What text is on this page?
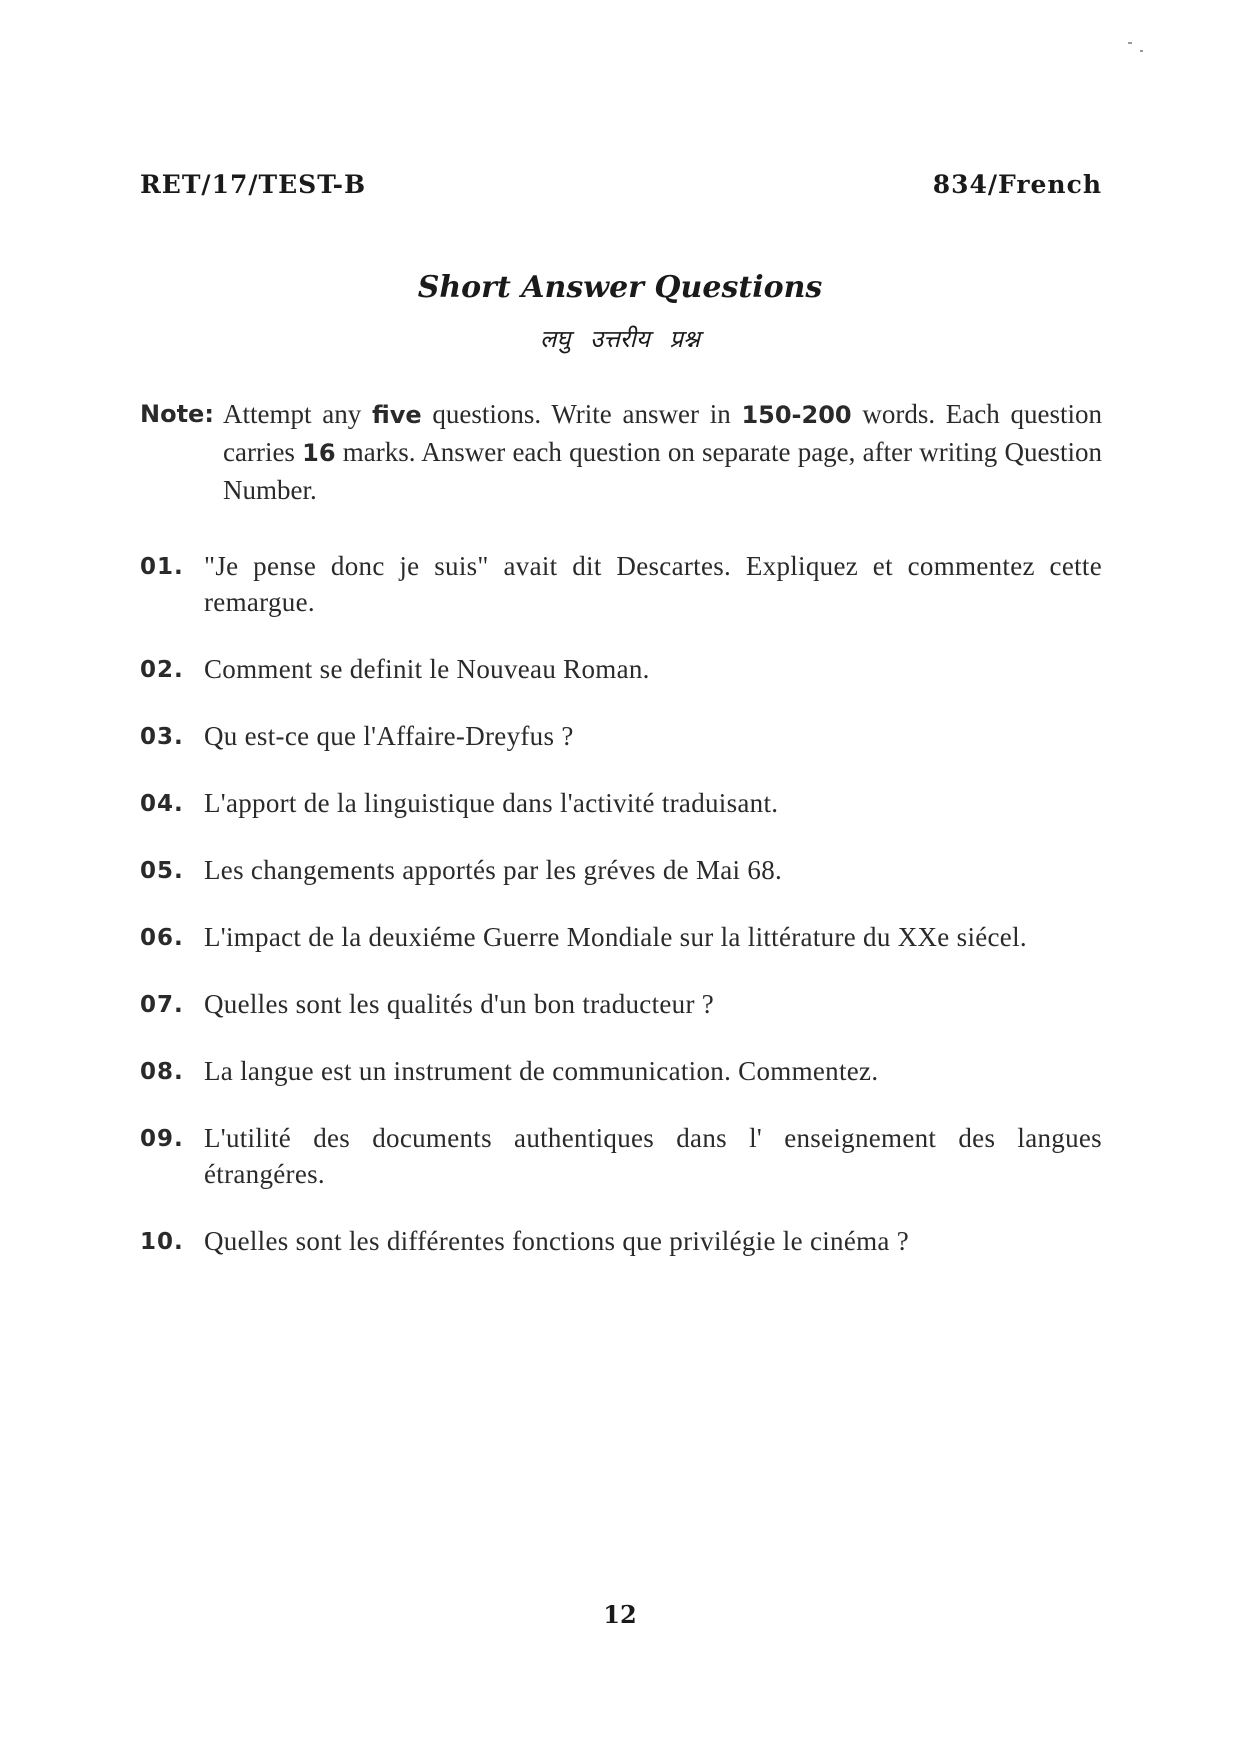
RET/17/TEST-B	834/French
Short Answer Questions
लघु उत्तरीय प्रश्न
Note: Attempt any five questions. Write answer in 150-200 words. Each question carries 16 marks. Answer each question on separate page, after writing Question Number.
01. "Je pense donc je suis" avait dit Descartes. Expliquez et commentez cette remargue.
02. Comment se definit le Nouveau Roman.
03. Qu est-ce que l'Affaire-Dreyfus ?
04. L'apport de la linguistique dans l'activité traduisant.
05. Les changements apportés par les gréves de Mai 68.
06. L'impact de la deuxiéme Guerre Mondiale sur la littérature du XXe siécel.
07. Quelles sont les qualités d'un bon traducteur ?
08. La langue est un instrument de communication. Commentez.
09. L'utilité des documents authentiques dans l' enseignement des langues étrangéres.
10. Quelles sont les différentes fonctions que privilégie le cinéma ?
12
